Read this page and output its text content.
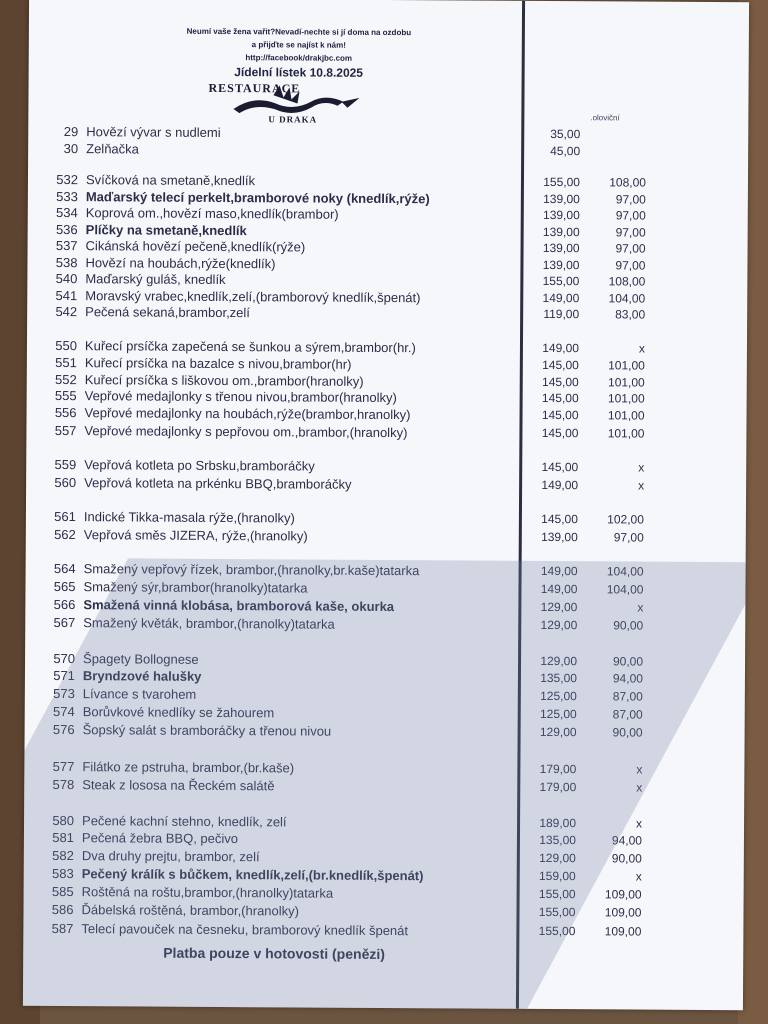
Neumí vaše žena vařit?Nevadí-nechte si jí doma na ozdobu
a přijďte se najíst k nám!
http://facebook/drakjbc.com
Jídelní lístek 10.8.2025
RESTAURACE
U DRAKA	.oloviční
29 Hovězí vývar s nudlemi	35,00
30 Zelňačka	45,00
532 Svíčková na smetaně,knedlík	155,00	108,00
533 Maďarský telecí perkelt,bramborové noky (knedlík,rýže)	139,00	97,00
534 Koprová om.,hovězí maso,knedlík(brambor)	139,00	97,00
536 Plíčky na smetaně,knedlík	139,00	97,00
537 Cikánská hovězí pečeně,knedlík(rýže)	139,00	97,00
538 Hovězí na houbách,rýže(knedlík)	139,00	97,00
540 Maďarský guláš, knedlík	155,00	108,00
541 Moravský vrabec,knedlík,zelí,(bramborový knedlík,špenát)	149,00	104,00
542 Pečená sekaná,brambor,zelí	119,00	83,00
550 Kuřecí prsíčka zapečená se šunkou a sýrem,brambor(hr.)	149,00	x
551 Kuřecí prsíčka na bazalce s nivou,brambor(hr)	145,00	101,00
552 Kuřecí prsíčka s liškovou om.,brambor(hranolky)	145,00	101,00
555 Vepřové medajlonky s třenou nivou,brambor(hranolky)	145,00	101,00
556 Vepřové medajlonky na houbách,rýže(brambor,hranolky)	145,00	101,00
557 Vepřové medajlonky s pepřovou om.,brambor,(hranolky)	145,00	101,00
559 Vepřová kotleta po Srbsku,bramboráčky	145,00	x
560 Vepřová kotleta na prkénku BBQ,bramboráčky	149,00	x
561 Indické Tikka-masala rýže,(hranolky)	145,00	102,00
562 Vepřová směs JIZERA, rýže,(hranolky)	139,00	97,00
564 Smažený vepřový řízek, brambor,(hranolky,br.kaše)tatarka	149,00	104,00
565 Smažený sýr,brambor(hranolky)tatarka	149,00	104,00
566 Smažená vinná klobása, bramborová kaše, okurka	129,00	x
567 Smažený květák, brambor,(hranolky)tatarka	129,00	90,00
570 Špagety Bollognese	129,00	90,00
571 Bryndzové halušky	135,00	94,00
573 Lívance s tvarohem	125,00	87,00
574 Borůvkové knedlíky se žahourem	125,00	87,00
576 Šopský salát s bramboráčky a třenou nivou	129,00	90,00
577 Filátko ze pstruha, brambor,(br.kaše)	179,00	x
578 Steak z lososa na Řeckém salátě	179,00	x
580 Pečené kachní stehno, knedlík, zelí	189,00	x
581 Pečená žebra BBQ, pečivo	135,00	94,00
582 Dva druhy prejtu, brambor, zelí	129,00	90,00
583 Pečený králík s bůčkem, knedlík,zelí,(br.knedlík,špenát)	159,00	x
585 Roštěná na roštu,brambor,(hranolky)tatarka	155,00	109,00
586 Ďábelská roštěná, brambor,(hranolky)	155,00	109,00
587 Telecí pavouček na česneku, bramborový knedlík špenát	155,00	109,00
Platba pouze v hotovosti (penězi)
